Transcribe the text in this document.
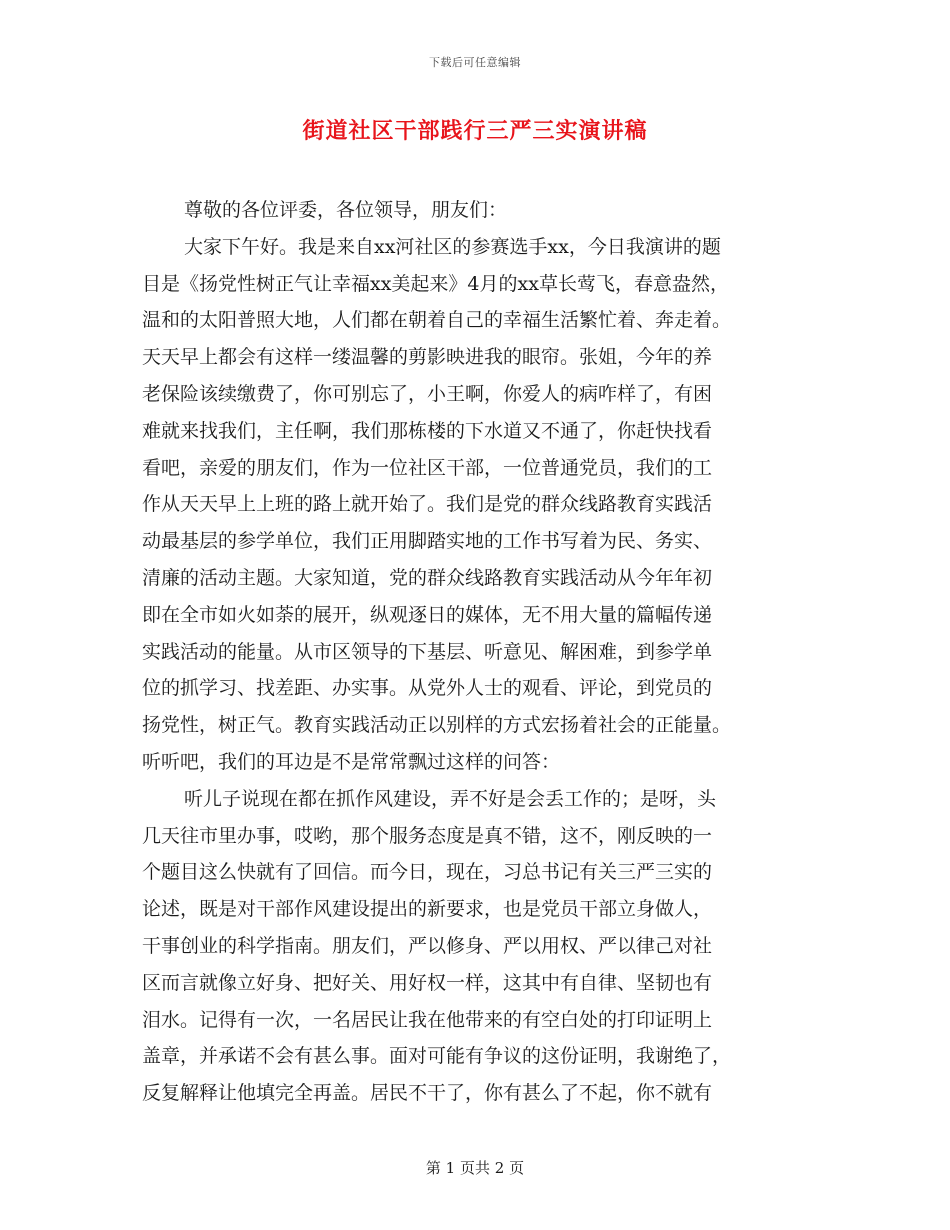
下载后可任意编辑
街道社区干部践行三严三实演讲稿
尊敬的各位评委，各位领导，朋友们：
大家下午好。我是来自xx河社区的参赛选手xx，今日我演讲的题
目是《扬党性树正气让幸福xx美起来》4月的xx草长莺飞，春意盎然，
温和的太阳普照大地，人们都在朝着自己的幸福生活繁忙着、奔走着。
天天早上都会有这样一缕温馨的剪影映进我的眼帘。张姐，今年的养
老保险该续缴费了，你可别忘了，小王啊，你爱人的病咋样了，有困
难就来找我们，主任啊，我们那栋楼的下水道又不通了，你赶快找看
看吧，亲爱的朋友们，作为一位社区干部，一位普通党员，我们的工
作从天天早上上班的路上就开始了。我们是党的群众线路教育实践活
动最基层的参学单位，我们正用脚踏实地的工作书写着为民、务实、
清廉的活动主题。大家知道，党的群众线路教育实践活动从今年年初
即在全市如火如荼的展开，纵观逐日的媒体，无不用大量的篇幅传递
实践活动的能量。从市区领导的下基层、听意见、解困难，到参学单
位的抓学习、找差距、办实事。从党外人士的观看、评论，到党员的
扬党性，树正气。教育实践活动正以别样的方式宏扬着社会的正能量。
听听吧，我们的耳边是不是常常飘过这样的问答：
听儿子说现在都在抓作风建设，弄不好是会丢工作的；是呀，头
几天往市里办事，哎哟，那个服务态度是真不错，这不，刚反映的一
个题目这么快就有了回信。而今日，现在，习总书记有关三严三实的
论述，既是对干部作风建设提出的新要求，也是党员干部立身做人，
干事创业的科学指南。朋友们，严以修身、严以用权、严以律己对社
区而言就像立好身、把好关、用好权一样，这其中有自律、坚韧也有
泪水。记得有一次，一名居民让我在他带来的有空白处的打印证明上
盖章，并承诺不会有甚么事。面对可能有争议的这份证明，我谢绝了，
反复解释让他填完全再盖。居民不干了，你有甚么了不起，你不就有
第 1 页共 2 页
